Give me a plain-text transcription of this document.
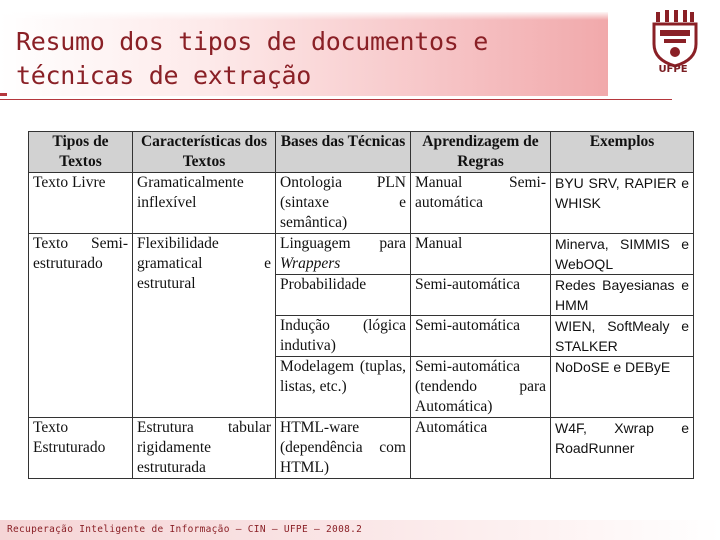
Resumo dos tipos de documentos e técnicas de extração	UFPE
Tipos de Textos	Características dos Textos	Bases das Técnicas	Aprendizagem de Regras	Exemplos
Texto Livre	Gramaticalmente inflexível	Ontologia PLN (sintaxe e semântica)	Manual Semi-automática	BYU SRV, RAPIER e WHISK
Texto Semi-estruturado	Flexibilidade gramatical e estrutural	Linguagem para Wrappers	Manual	Minerva, SIMMIS e WebOQL
		Probabilidade	Semi-automática	Redes Bayesianas e HMM
		Indução (lógica indutiva)	Semi-automática	WIEN, SoftMealy e STALKER
		Modelagem (tuplas, listas, etc.)	Semi-automática (tendendo para Automática)	NoDoSE e DEByE
Texto Estruturado	Estrutura tabular rigidamente estruturada	HTML-ware (dependência com HTML)	Automática	W4F, Xwrap e RoadRunner
Recuperação Inteligente de Informação – CIN – UFPE – 2008.2
